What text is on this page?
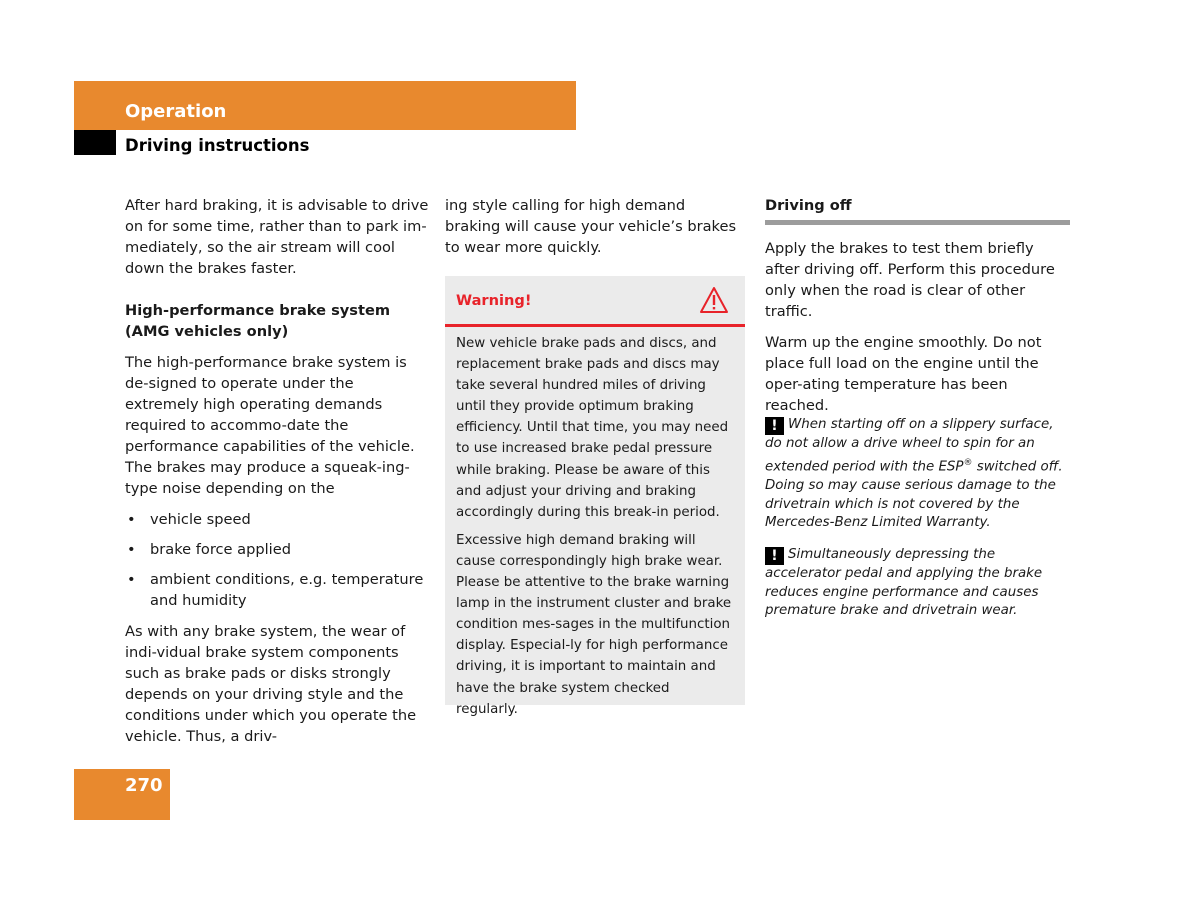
Operation
Driving instructions

After hard braking, it is advisable to drive on for some time, rather than to park im-mediately, so the air stream will cool down the brakes faster.

High-performance brake system
(AMG vehicles only)

The high-performance brake system is de-signed to operate under the extremely high operating demands required to accommo-date the performance capabilities of the vehicle. The brakes may produce a squeak-ing-type noise depending on the

• vehicle speed
• brake force applied
• ambient conditions, e.g. temperature and humidity

As with any brake system, the wear of indi-vidual brake system components such as brake pads or disks strongly depends on your driving style and the conditions under which you operate the vehicle. Thus, a driv-

ing style calling for high demand braking will cause your vehicle’s brakes to wear more quickly.

Warning!

New vehicle brake pads and discs, and replacement brake pads and discs may take several hundred miles of driving until they provide optimum braking efficiency. Until that time, you may need to use increased brake pedal pressure while braking. Please be aware of this and adjust your driving and braking accordingly during this break-in period.

Excessive high demand braking will cause correspondingly high brake wear. Please be attentive to the brake warning lamp in the instrument cluster and brake condition mes-sages in the multifunction display. Especial-ly for high performance driving, it is important to maintain and have the brake system checked regularly.

Driving off

Apply the brakes to test them briefly after driving off. Perform this procedure only when the road is clear of other traffic.

Warm up the engine smoothly. Do not place full load on the engine until the oper-ating temperature has been reached.

! When starting off on a slippery surface, do not allow a drive wheel to spin for an extended period with the ESP® switched off. Doing so may cause serious damage to the drivetrain which is not covered by the Mercedes-Benz Limited Warranty.

! Simultaneously depressing the accelerator pedal and applying the brake reduces engine performance and causes premature brake and drivetrain wear.

270
